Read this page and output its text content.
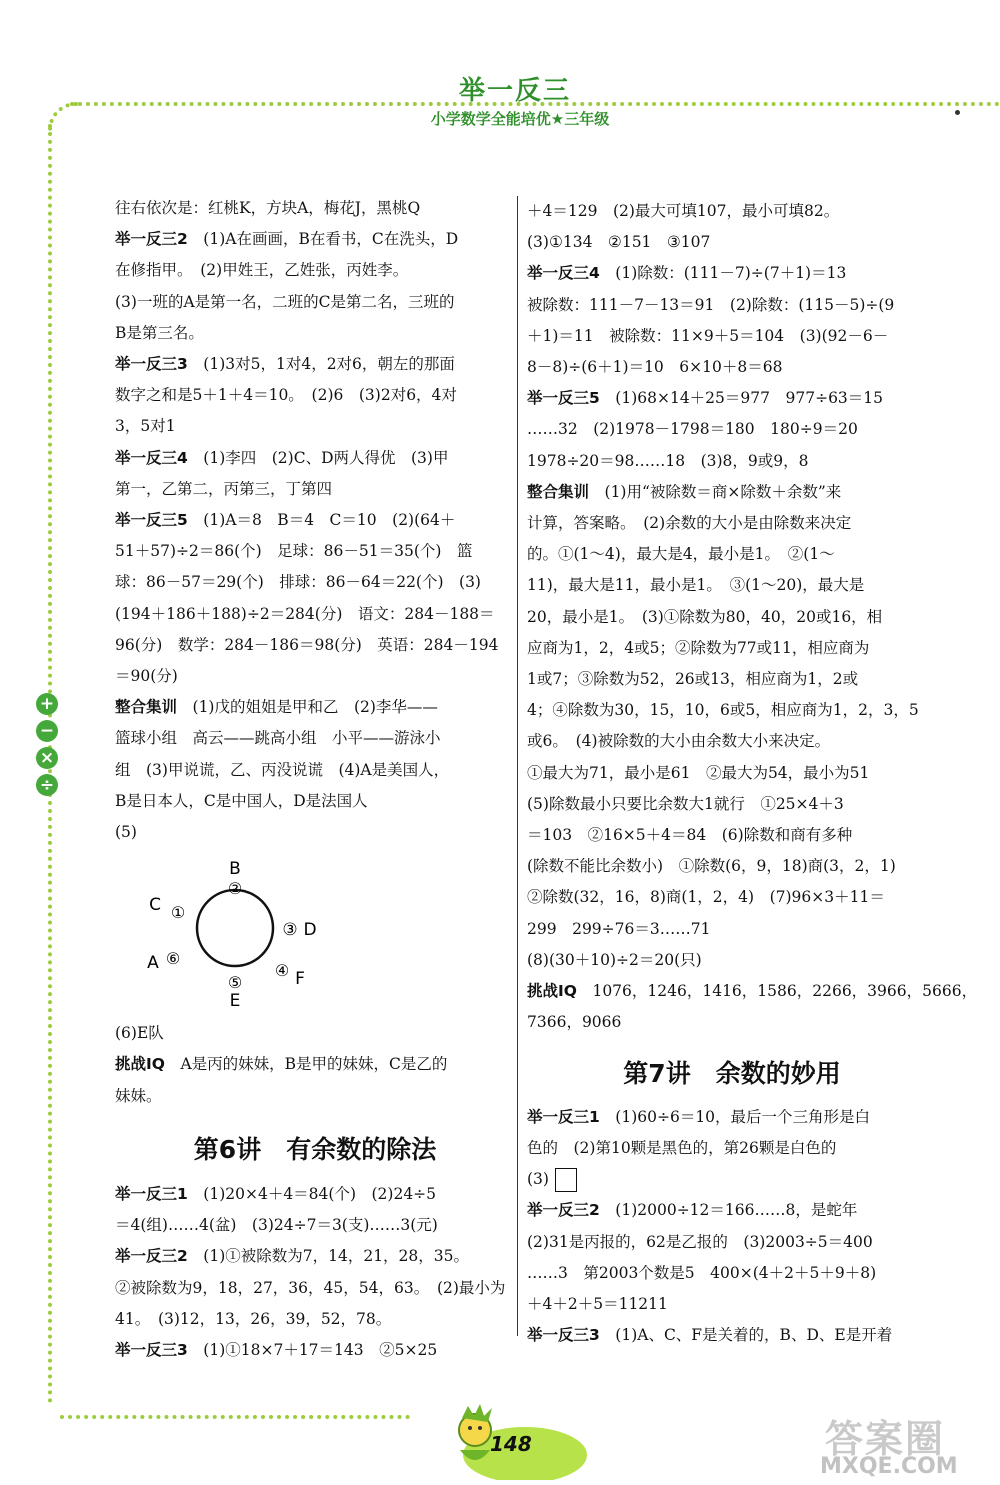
举一反三
小学数学全能培优★三年级
+
−
×
÷
往右依次是：红桃K，方块A，梅花J，黑桃Q
举一反三2　(1)A在画画，B在看书，C在洗头，D
在修指甲。　(2)甲姓王，乙姓张，丙姓李。
(3)一班的A是第一名，二班的C是第二名，三班的
B是第三名。
举一反三3　(1)3对5，1对4，2对6，朝左的那面
数字之和是5＋1＋4＝10。　(2)6　(3)2对6，4对
3，5对1
举一反三4　(1)李四　(2)C、D两人得优　(3)甲
第一，乙第二，丙第三，丁第四
举一反三5　(1)A＝8　B＝4　C＝10　(2)(64＋
51＋57)÷2＝86(个)　足球：86－51＝35(个)　篮
球：86－57＝29(个)　排球：86－64＝22(个)　(3)
(194＋186＋188)÷2＝284(分)　语文：284－188＝
96(分)　数学：284－186＝98(分)　英语：284－194
＝90(分)
整合集训　(1)戊的姐姐是甲和乙　(2)李华——
篮球小组　高云——跳高小组　小平——游泳小
组　(3)甲说谎，乙、丙没说谎　(4)A是美国人，
B是日本人，C是中国人，D是法国人
(5)
B
②
C ①
③ D
A ⑥
④ F
⑤
E
(6)E队
挑战IQ　A是丙的妹妹，B是甲的妹妹，C是乙的
妹妹。
第6讲　有余数的除法
举一反三1　(1)20×4＋4＝84(个)　(2)24÷5
＝4(组)……4(盆)　(3)24÷7＝3(支)……3(元)
举一反三2　(1)①被除数为7，14，21，28，35。
②被除数为9，18，27，36，45，54，63。　(2)最小为
41。　(3)12，13，26，39，52，78。
举一反三3　(1)①18×7＋17＝143　②5×25
＋4＝129　(2)最大可填107，最小可填82。
(3)①134　②151　③107
举一反三4　(1)除数：(111－7)÷(7＋1)＝13
被除数：111－7－13＝91　(2)除数：(115－5)÷(9
＋1)＝11　被除数：11×9＋5＝104　(3)(92－6－
8－8)÷(6＋1)＝10　6×10＋8＝68
举一反三5　(1)68×14＋25＝977　977÷63＝15
……32　(2)1978－1798＝180　180÷9＝20
1978÷20＝98……18　(3)8，9或9，8
整合集训　(1)用“被除数＝商×除数＋余数”来
计算，答案略。　(2)余数的大小是由除数来决定
的。①(1～4)，最大是4，最小是1。　②(1～
11)，最大是11，最小是1。　③(1～20)，最大是
20，最小是1。　(3)①除数为80，40，20或16，相
应商为1，2，4或5；②除数为77或11，相应商为
1或7；③除数为52，26或13，相应商为1，2或
4；④除数为30，15，10，6或5，相应商为1，2，3，5
或6。　(4)被除数的大小由余数大小来决定。
①最大为71，最小是61　②最大为54，最小为51
(5)除数最小只要比余数大1就行　①25×4＋3
＝103　②16×5＋4＝84　(6)除数和商有多种
(除数不能比余数小)　①除数(6，9，18)商(3，2，1)
②除数(32，16，8)商(1，2，4)　(7)96×3＋11＝
299　299÷76＝3……71
(8)(30＋10)÷2＝20(只)
挑战IQ　1076，1246，1416，1586，2266，3966，5666，
7366，9066
第7讲　余数的妙用
举一反三1　(1)60÷6＝10，最后一个三角形是白
色的　(2)第10颗是黑色的，第26颗是白色的
(3)
举一反三2　(1)2000÷12＝166……8，是蛇年
(2)31是丙报的，62是乙报的　(3)2003÷5＝400
……3　第2003个数是5　400×(4＋2＋5＋9＋8)
＋4＋2＋5＝11211
举一反三3　(1)A、C、F是关着的，B、D、E是开着
148	答案圈
MXQE.COM
